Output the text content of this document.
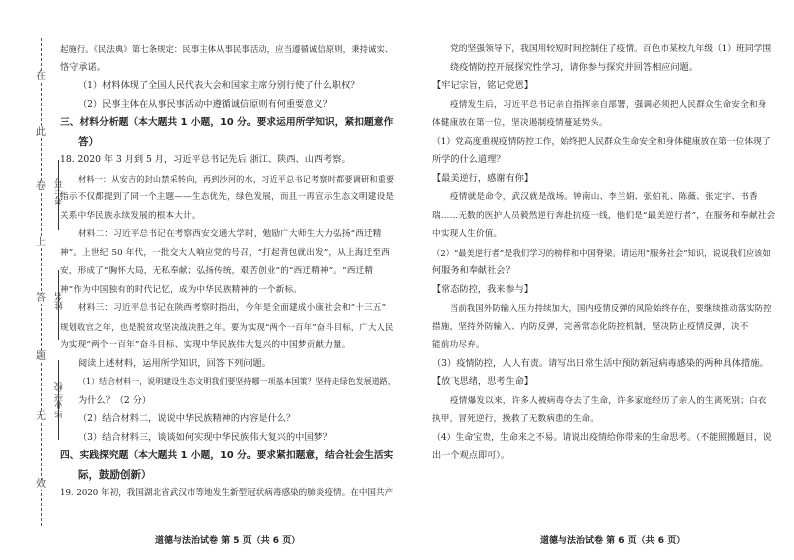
在
此
卷
上
答
题
无
效
考生号
姓名
毕业学校

起施行。《民法典》第七条规定：民事主体从事民事活动，应当遵循诚信原则，秉持诚实、

恪守承诺。

（1）材料体现了全国人民代表大会和国家主席分别行使了什么职权？

（2）民事主体在从事民事活动中遵循诚信原则有何重要意义？

三、材料分析题（本大题共 1 小题，10 分。要求运用所学知识，紧扣题意作

答）

18. 2020 年 3 月到 5 月，习近平总书记先后 浙江、陕西、山西考察。

材料一：从安吉的封山禁采转向，再到沙河的水，习近平总书记考察时都要调研和重要

指示不仅都提到了同一个主题——生态优先，绿色发展，而且一再宣示生态文明建设是

关系中华民族永续发展的根本大计。

材料二：习近平总书记在考察西安交通大学时，勉励广大师生大力弘扬“西迁精

神”。上世纪 50 年代，一批交大人响应党的号召，“打起背包就出发”，从上海迁至西

安，形成了“胸怀大局，无私奉献；弘扬传统，艰苦创业”的“西迁精神”。“西迁精

神”作为中国独有的时代记忆，成为中华民族精神的一个新标。

材料三：习近平总书记在陕西考察时指出，今年是全面建成小康社会和“十三五”

规划收官之年，也是脱贫攻坚决战决胜之年。要为实现“两个一百年”奋斗目标，广大人民

为实现“两个一百年”奋斗目标、实现中华民族伟大复兴的中国梦贡献力量。

阅读上述材料，运用所学知识，回答下列问题。

（1）结合材料一，说明建设生态文明我们要坚持哪一项基本国策？坚持走绿色发展道路，

为什么？（2 分）

（2）结合材料二，说说中华民族精神的内容是什么？

（3）结合材料三，谈谈如何实现中华民族伟大复兴的中国梦？

四、实践探究题（本大题共 1 小题，10 分。要求紧扣题意，结合社会生活实

际，鼓励创新）

19. 2020 年初，我国湖北省武汉市等地发生新型冠状病毒感染的肺炎疫情。在中国共产

道德与法治试卷 第 5 页（共 6 页）

党的坚强领导下，我国用较短时间控制住了疫情。百色市某校九年级（1）班同学围

绕疫情防控开展探究性学习，请你参与探究并回答相应问题。

【牢记宗旨，铭记党恩】

疫情发生后，习近平总书记亲自指挥亲自部署，强调必须把人民群众生命安全和身

体健康放在第一位，坚决遏制疫情蔓延势头。

（1）党高度重视疫情防控工作，始终把人民群众生命安全和身体健康放在第一位体现了

所学的什么道理？

【最美逆行，感谢有你】

疫情就是命令，武汉就是战场。钟南山、李兰娟、张伯礼、陈薇、张定宇、书香

瑞……无数的医护人员毅然逆行奔赴抗疫一线，他们是“最美逆行者”，在服务和奉献社会

中实现人生价值。

（2）“最美逆行者”是我们学习的榜样和中国脊梁。请运用“服务社会”知识，说说我们应该如

何服务和奉献社会？

【常态防控，我来参与】

当前我国外防输入压力持续加大，国内疫情反弹的风险始终存在，要继续推动落实防控

措施，坚持外防输入、内防反弹，完善常态化防控机制，坚决防止疫情反弹，决不

能前功尽弃。

（3）疫情防控，人人有责。请写出日常生活中预防新冠病毒感染的两种具体措施。

【放飞思绪，思考生命】

疫情爆发以来，许多人被病毒夺去了生命，许多家庭经历了亲人的生离死别；白衣

执甲，冒死逆行，挽救了无数病患的生命。

（4）生命宝贵，生命来之不易。请说出疫情给你带来的生命思考。（不能照搬题目，说

出一个观点即可）。

道德与法治试卷 第 6 页（共 6 页）
